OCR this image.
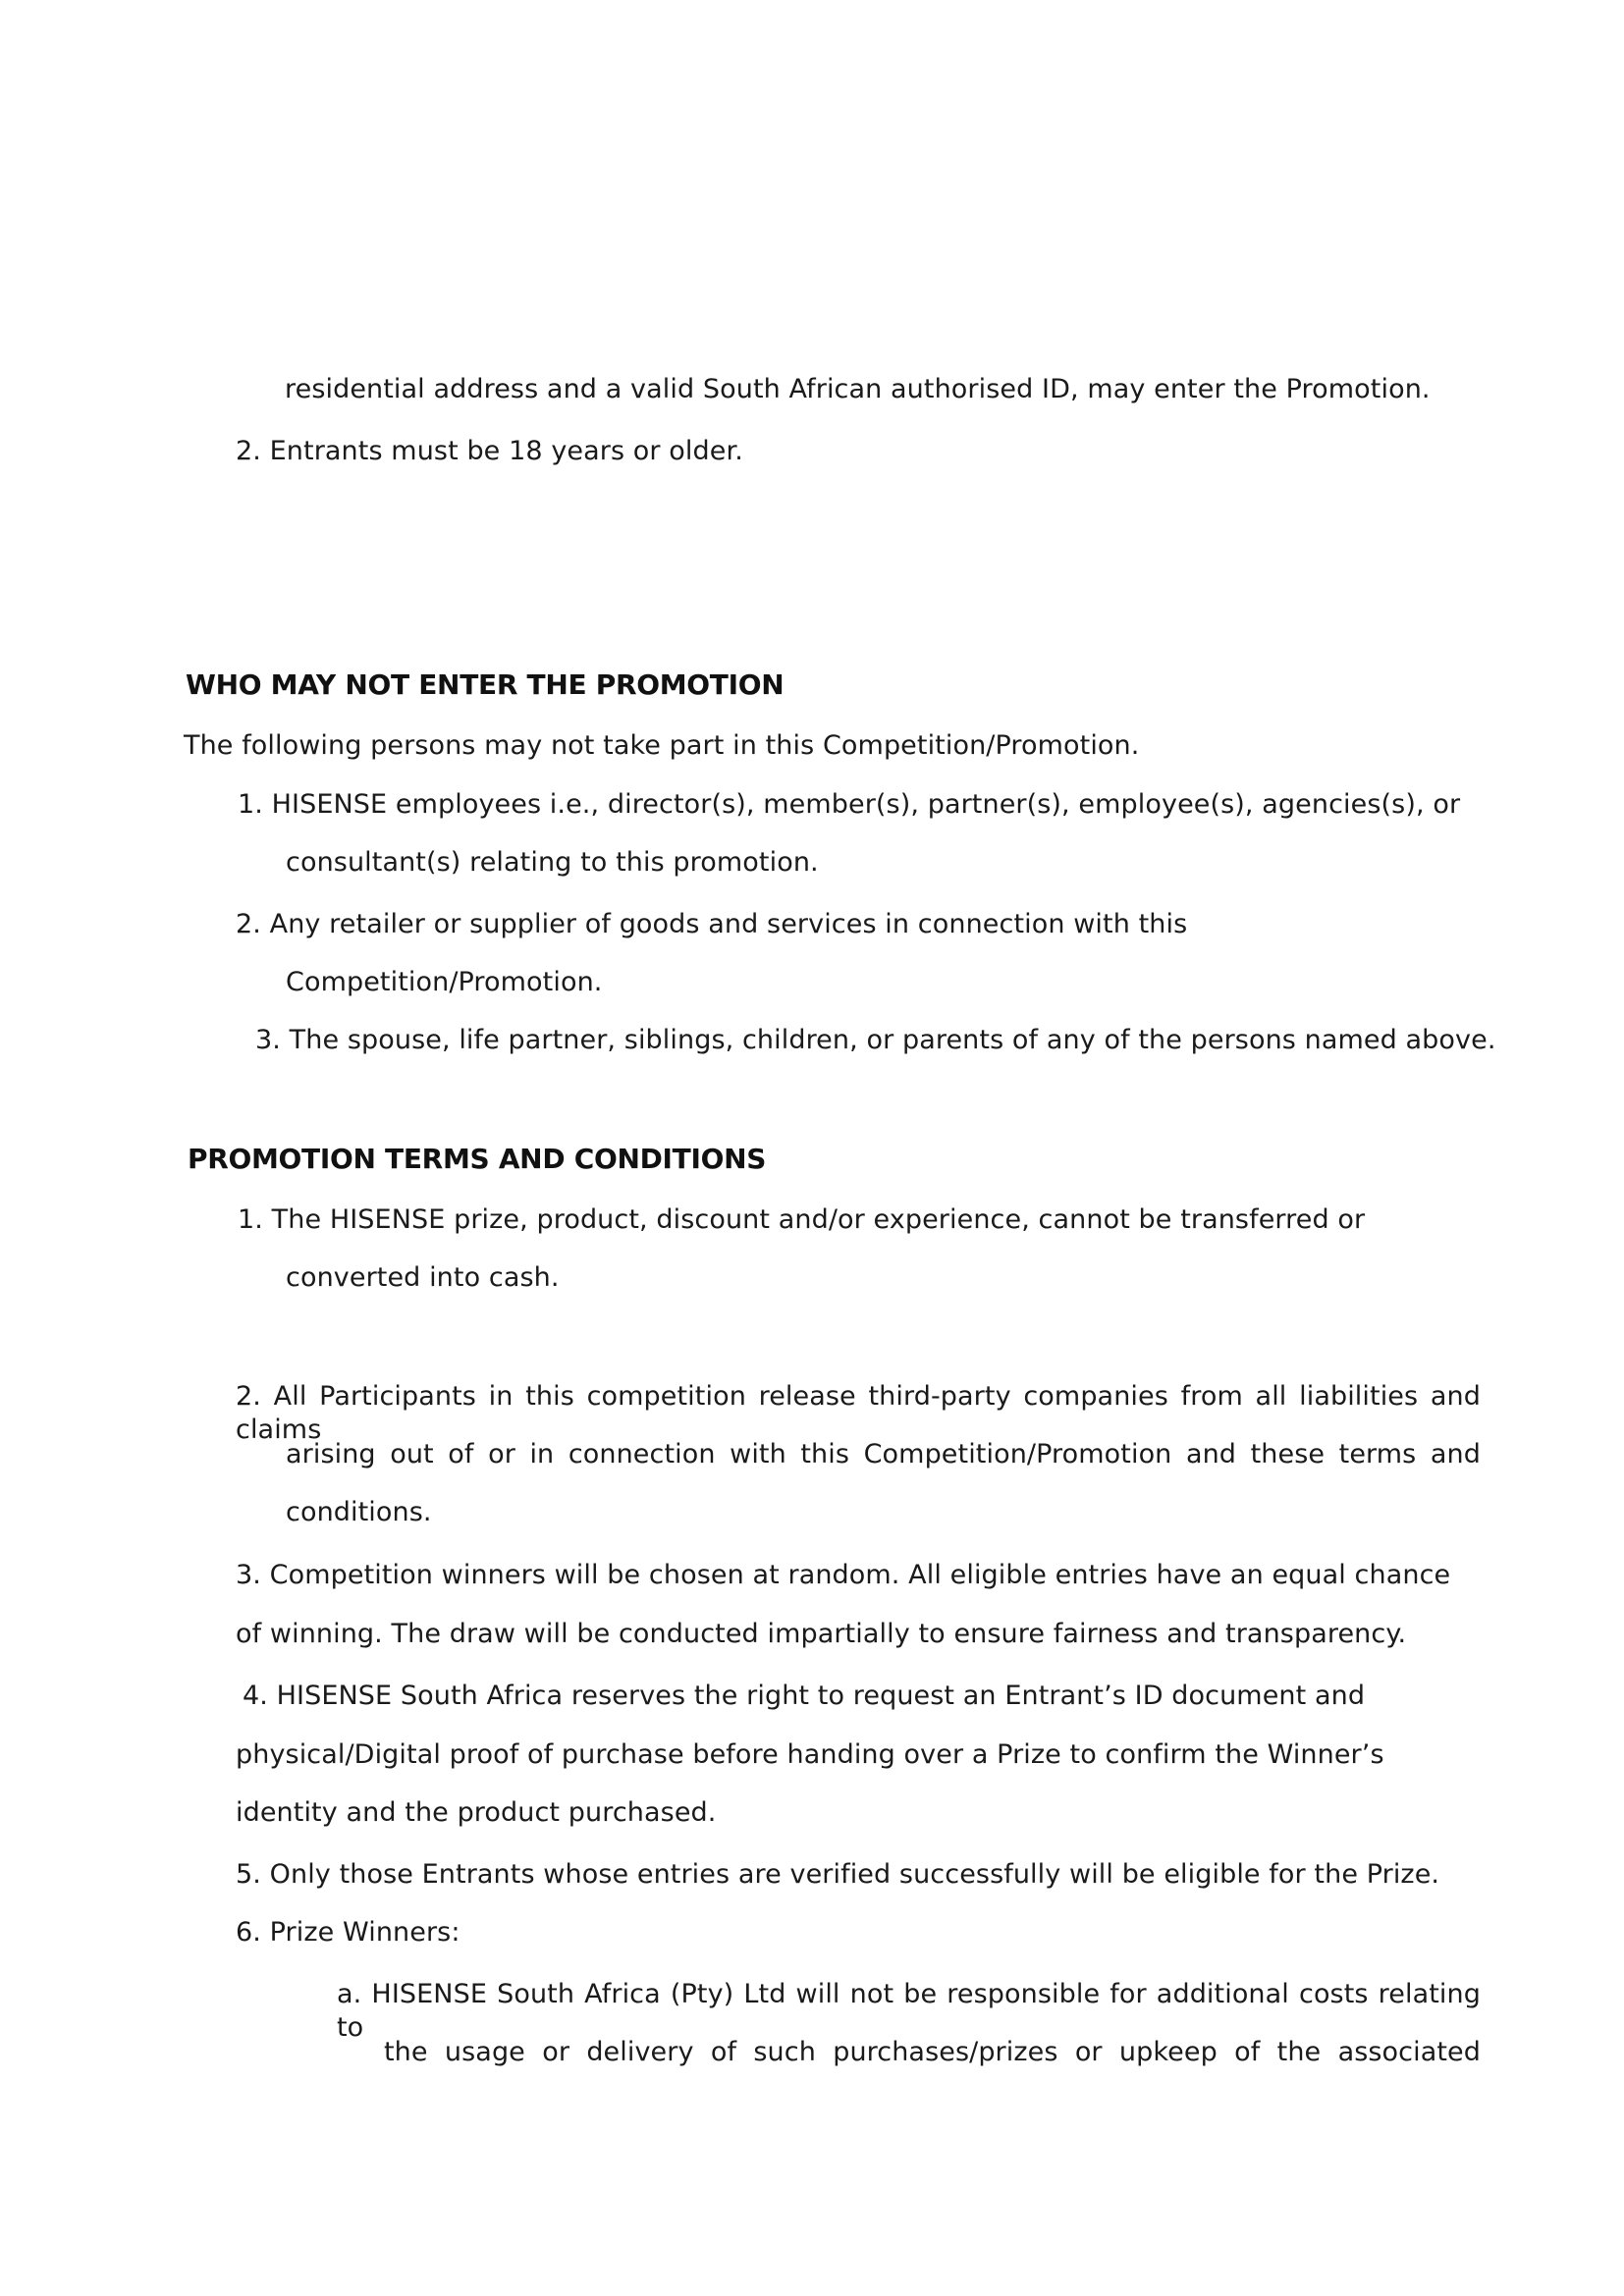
residential address and a valid South African authorised ID, may enter the Promotion.
2. Entrants must be 18 years or older.
WHO MAY NOT ENTER THE PROMOTION
The following persons may not take part in this Competition/Promotion.
1. HISENSE employees i.e., director(s), member(s), partner(s), employee(s), agencies(s), or
consultant(s) relating to this promotion.
2. Any retailer or supplier of goods and services in connection with this
Competition/Promotion.
3. The spouse, life partner, siblings, children, or parents of any of the persons named above.
PROMOTION TERMS AND CONDITIONS
1. The HISENSE prize, product, discount and/or experience, cannot be transferred or
converted into cash.
2. All Participants in this competition release third-party companies from all liabilities and claims
arising out of or in connection with this Competition/Promotion and these terms and
conditions.
3. Competition winners will be chosen at random. All eligible entries have an equal chance
of winning. The draw will be conducted impartially to ensure fairness and transparency.
4. HISENSE South Africa reserves the right to request an Entrant’s ID document and
physical/Digital proof of purchase before handing over a Prize to confirm the Winner’s
identity and the product purchased.
5. Only those Entrants whose entries are verified successfully will be eligible for the Prize.
6. Prize Winners:
a. HISENSE South Africa (Pty) Ltd will not be responsible for additional costs relating to
the usage or delivery of such purchases/prizes or upkeep of the associated
